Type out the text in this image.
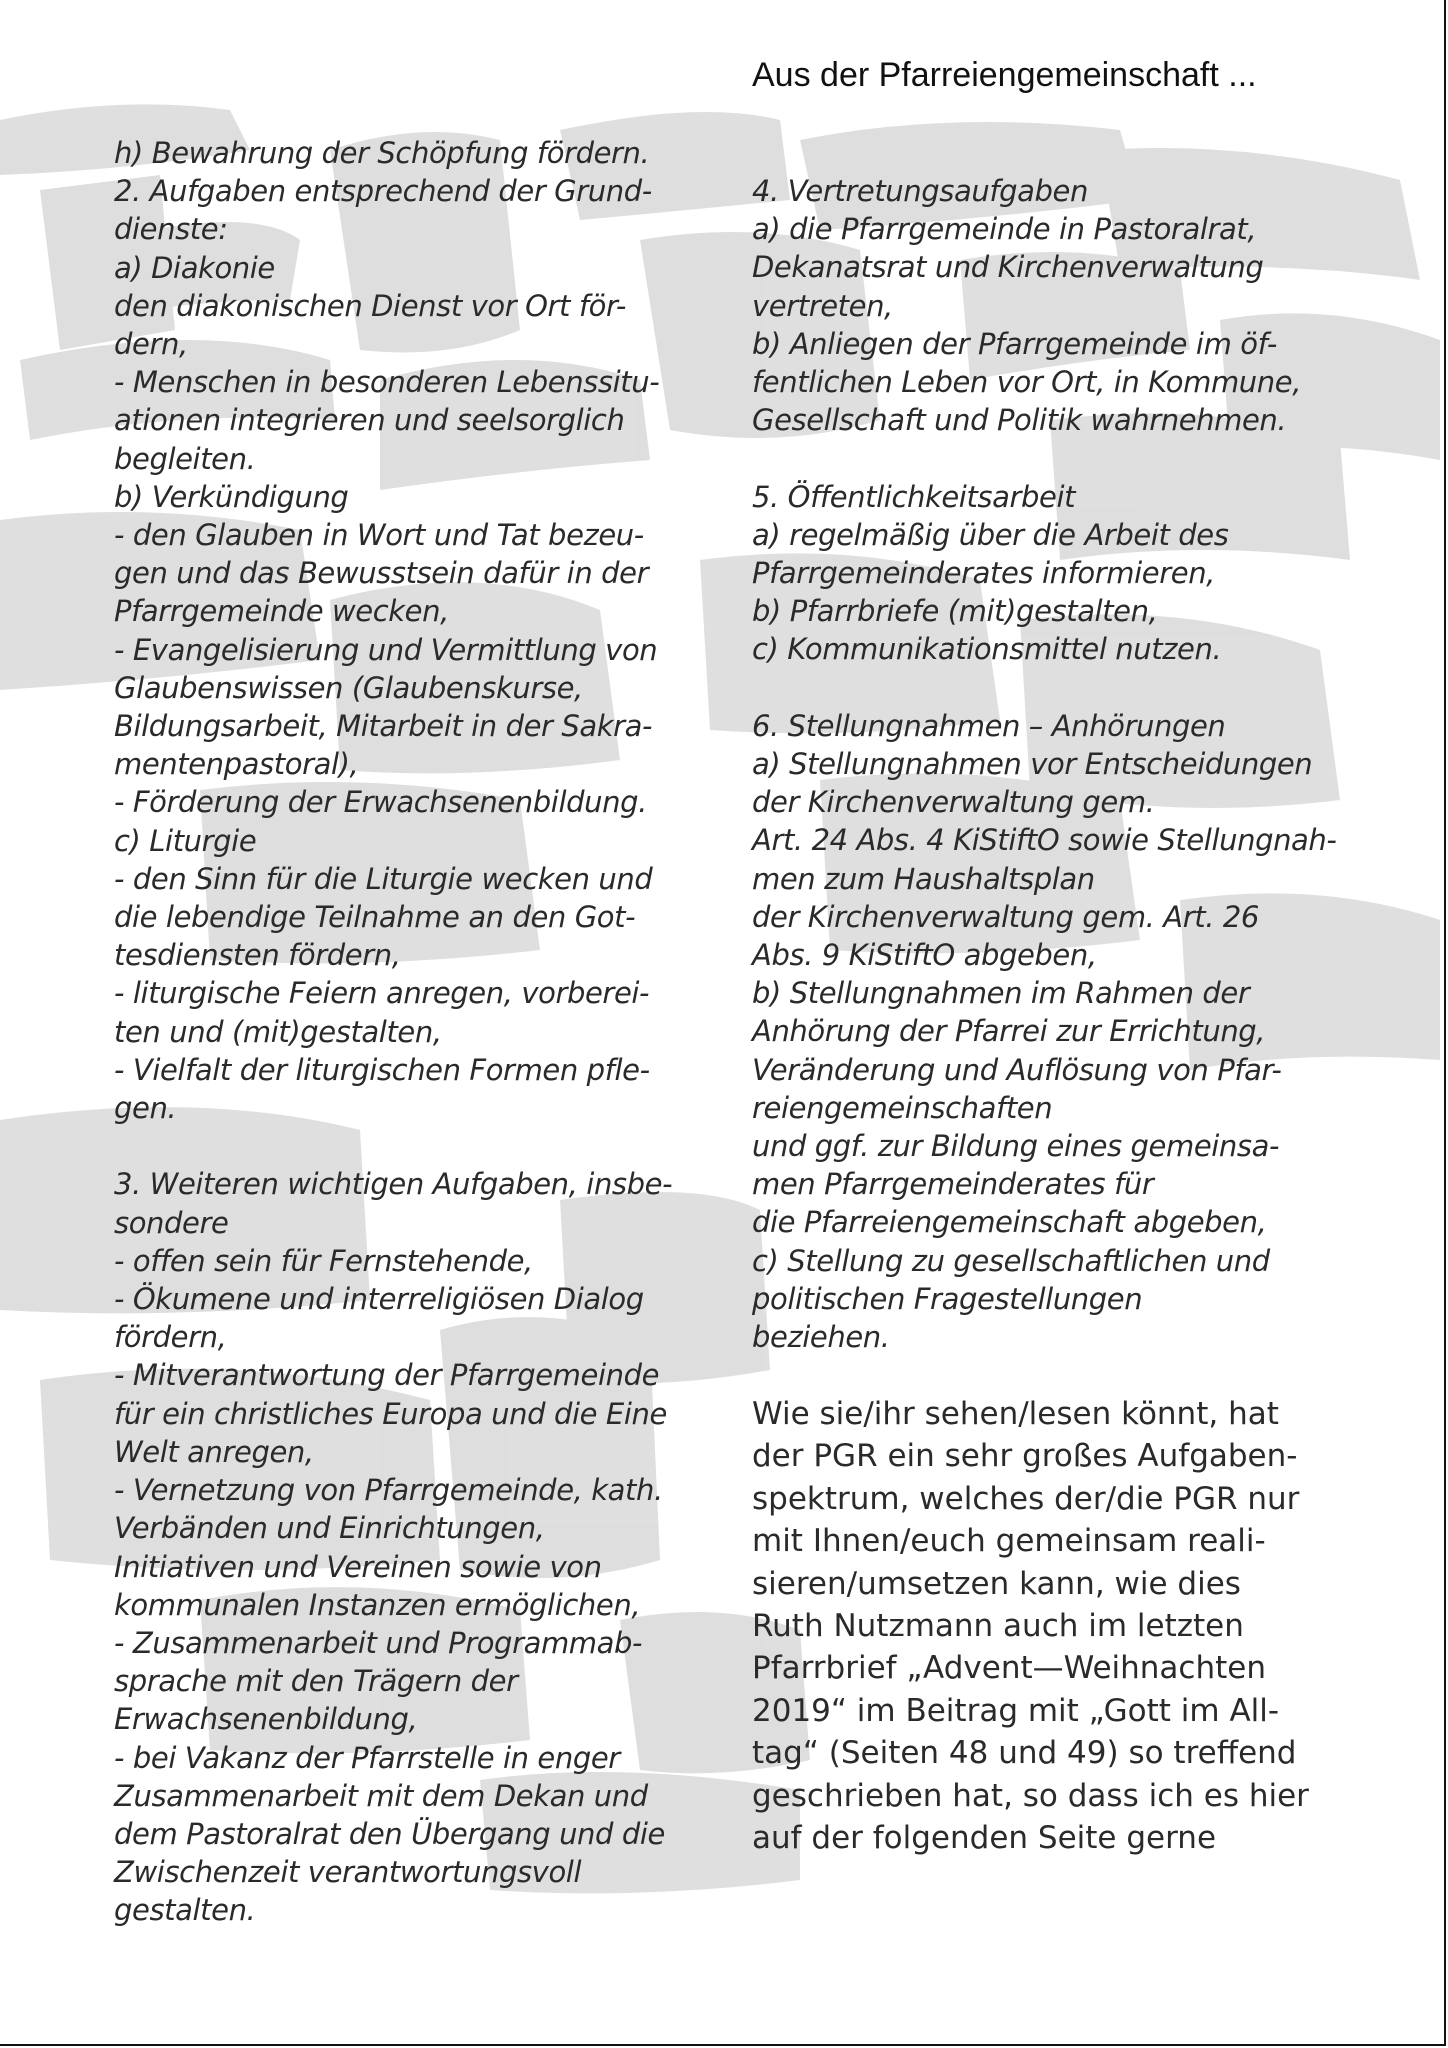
Aus der Pfarreiengemeinschaft ...
h) Bewahrung der Schöpfung fördern.
2. Aufgaben entsprechend der Grund-
dienste:
a) Diakonie
den diakonischen Dienst vor Ort för-
dern,
- Menschen in besonderen Lebenssitu-
ationen integrieren und seelsorglich
begleiten.
b) Verkündigung
- den Glauben in Wort und Tat bezeu-
gen und das Bewusstsein dafür in der
Pfarrgemeinde wecken,
- Evangelisierung und Vermittlung von
Glaubenswissen (Glaubenskurse,
Bildungsarbeit, Mitarbeit in der Sakra-
mentenpastoral),
- Förderung der Erwachsenenbildung.
c) Liturgie
- den Sinn für die Liturgie wecken und
die lebendige Teilnahme an den Got-
tesdiensten fördern,
- liturgische Feiern anregen, vorberei-
ten und (mit)gestalten,
- Vielfalt der liturgischen Formen pfle-
gen.
3. Weiteren wichtigen Aufgaben, insbe-
sondere
- offen sein für Fernstehende,
- Ökumene und interreligiösen Dialog
fördern,
- Mitverantwortung der Pfarrgemeinde
für ein christliches Europa und die Eine
Welt anregen,
- Vernetzung von Pfarrgemeinde, kath.
Verbänden und Einrichtungen,
Initiativen und Vereinen sowie von
kommunalen Instanzen ermöglichen,
- Zusammenarbeit und Programmab-
sprache mit den Trägern der
Erwachsenenbildung,
- bei Vakanz der Pfarrstelle in enger
Zusammenarbeit mit dem Dekan und
dem Pastoralrat den Übergang und die
Zwischenzeit verantwortungsvoll
gestalten.
4. Vertretungsaufgaben
a) die Pfarrgemeinde in Pastoralrat,
Dekanatsrat und Kirchenverwaltung
vertreten,
b) Anliegen der Pfarrgemeinde im öf-
fentlichen Leben vor Ort, in Kommune,
Gesellschaft und Politik wahrnehmen.
5. Öffentlichkeitsarbeit
a) regelmäßig über die Arbeit des
Pfarrgemeinderates informieren,
b) Pfarrbriefe (mit)gestalten,
c) Kommunikationsmittel nutzen.
6. Stellungnahmen – Anhörungen
a) Stellungnahmen vor Entscheidungen
der Kirchenverwaltung gem.
Art. 24 Abs. 4 KiStiftO sowie Stellungnah-
men zum Haushaltsplan
der Kirchenverwaltung gem. Art. 26
Abs. 9 KiStiftO abgeben,
b) Stellungnahmen im Rahmen der
Anhörung der Pfarrei zur Errichtung,
Veränderung und Auflösung von Pfar-
reiengemeinschaften
und ggf. zur Bildung eines gemeinsa-
men Pfarrgemeinderates für
die Pfarreiengemeinschaft abgeben,
c) Stellung zu gesellschaftlichen und
politischen Fragestellungen
beziehen.
Wie sie/ihr sehen/lesen könnt, hat
der PGR ein sehr großes Aufgaben-
spektrum, welches der/die PGR nur
mit Ihnen/euch gemeinsam reali-
sieren/umsetzen kann, wie dies
Ruth Nutzmann auch im letzten
Pfarrbrief „Advent—Weihnachten
2019“ im Beitrag mit „Gott im All-
tag“ (Seiten 48 und 49) so treffend
geschrieben hat, so dass ich es hier
auf der folgenden Seite gerne
